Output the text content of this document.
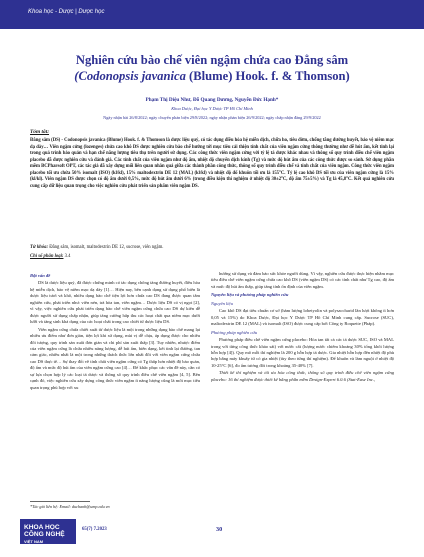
Khoa học - Dược | Dược học
Nghiên cứu bào chế viên ngậm chứa cao Đẳng sâm
(Codonopsis javanica (Blume) Hook. f. & Thomson)
Phạm Thị Diệu Như, Đỗ Quang Dương, Nguyễn Đức Hạnh*
Khoa Dược, Đại học Y Dược TP Hồ Chí Minh
Ngày nhận bài 26/8/2022; ngày chuyển phản biện 29/8/2022; ngày nhận phản biện 26/9/2022; ngày chấp nhận đăng 29/9/2022
Tóm tắt:
Đẳng sâm (DS) - Codonopsis javanica (Blume) Hook. f. & Thomson là dược liệu quý, có tác dụng điều hòa hệ miễn dịch, chữa ho, tiêu đờm, chống tăng đường huyết, bảo vệ niêm mạc dạ dày… Viên ngậm cứng (lozenges) chứa cao khô DS được nghiên cứu bào chế hướng tới mục tiêu cải thiện tính chất của viên ngậm cứng thông thường như dễ hút ẩm, kết tinh lại trong quá trình bảo quản và hạn chế năng lượng tiêu thụ trên người sử dụng. Các công thức viên ngậm cứng với tỷ lệ tá dược khác nhau và thông số quy trình điều chế viên ngậm placebo đã được nghiên cứu và đánh giá. Các tính chất của viên ngậm như độ ẩm, nhiệt độ chuyển dịch kính (Tg) và mức độ hút ẩm của các công thức được so sánh. Sử dụng phần mềm BCPharsoft OPT, các tác giả đã xây dựng mối liên quan nhân quả giữa các thành phần công thức, thông số quy trình điều chế và tính chất của viên ngậm. Công thức viên ngậm placebo tối ưu chứa 50% isomalt (ISO) (kl/kl), 15% maltodextrin DE 12 (MAL) (kl/kl) và nhiệt độ đổ khuôn tối ưu là 155°C. Tỷ lệ cao khô DS tối ưu của viên ngậm cứng là 15% (kl/kl). Viên ngậm DS được chọn có độ ẩm dưới 0,5%, mức độ hút ẩm dưới 6% (trong điều kiện thí nghiệm ở nhiệt độ 30±2°C, độ ẩm 75±5%) và Tg là 45,8°C. Kết quả nghiên cứu cung cấp dữ liệu quan trọng cho việc nghiên cứu phát triển sản phẩm viên ngậm DS.
Từ khóa: Đẳng sâm, isomalt, maltodextrin DE 12, sucrose, viên ngậm.
Chỉ số phân loại: 3.4

Đặt vấn đề

DS là dược liệu quý, đã được chứng minh có tác dụng chống tăng đường huyết, điều hòa hệ miễn dịch, bảo vệ niêm mạc dạ dày [1]… Hiện nay, bên cạnh dạng sử dụng phổ biến là dược liệu tươi và khô, nhiều dạng bào chế tiện lợi hơn chứa cao DS đang được quan tâm nghiên cứu, phát triển như: viên nén, trà hòa tan, viên ngậm… Dược liệu DS có vị ngọt [2], vì vậy, việc nghiên cứu phát triển dạng bào chế viên ngậm cứng chứa cao DS dự kiến dễ được người sử dụng chấp nhận, giúp tăng cường hấp thu các hoạt chất qua niêm mạc dưới lưỡi và tăng sinh khả dụng của các hoạt chất trong cao chiết từ dược liệu DS.

Viên ngậm cứng chứa chiết xuất từ dược liệu là một trong những dạng bào chế mang lại nhiều ưu điểm như đơn giản, tiện lợi khi sử dụng, mùi vị dễ chịu, áp dụng được cho nhiều đối tượng, quy trình sản xuất đơn giản và chi phí sản xuất thấp [3]. Tuy nhiên, nhược điểm của viên ngậm cứng là chứa nhiều năng lượng, dễ hút ẩm, biến dạng, kết tinh lại đường, tan cảm giác, nhiều nhất là một trong những thách thức lớn nhất đối với viên ngậm cứng chứa cao DS thực tế… Sự thay đổi về tính chất viên ngậm cứng có Tg thấp hơn nhiệt độ bảo quản, độ ẩm và mức độ hút ẩm của viên ngậm cứng cao [4]… Để khắc phục các vấn đề này, cần có sự lựa chọn hợp lý các loại tá dược và thông số quy trình điều chế viên ngậm [4, 5]. Bên cạnh đó, việc nghiên cứu xây dựng công thức viên ngậm ít năng lượng cũng là mốt mục tiêu quan trọng phù hợp với xu

hướng sử dụng và đảm bảo sức khỏe người dùng. Vì vậy, nghiên cứu được thực hiện nhằm mục tiêu điều chế viên ngậm cứng chứa cao khô DS (viên ngậm DS) có các tính chất như Tg cao, độ ẩm và mức độ hút ẩm thấp, giúp tăng tính ổn định của viên ngậm.

Nguyên liệu và phương pháp nghiên cứu

Nguyên liệu

Cao khô DS đạt tiêu chuẩn cơ sở (hàm lượng lobetyolin và polysaccharid lần lượt không ít hơn 0,05 và 15%) do Khoa Dược, Đại học Y Dược TP Hồ Chí Minh cung cấp. Sucrose (SUC), maltodextrin DE 12 (MAL) và isomalt (ISO) được cung cấp bởi Công ty Roquette (Pháp).

Phương pháp nghiên cứu

Phương pháp điều chế viên ngậm cứng placebo: Hòa tan tất cả các tá dược SUC, ISO và MAL trong với từng công thức khảo sát) với nước cất (lượng nước chiếm khoảng 30% tổng khối lượng hỗn hợp [4]). Quy mô mỗi thí nghiệm là 200 g hỗn hợp tá dược. Gia nhiệt hỗn hợp đến nhiệt độ phù hợp bằng máy khuấy từ có gia nhiệt (tùy theo từng thí nghiệm). Để khuôn và làm nguội ở nhiệt độ 10-25°C [6], đo ẩm tương đối trong khoảng 35-40% [7].

Thiết kế thí nghiệm và tối ưu hóa công thức, thông số quy trình điều chế viên ngậm cứng placebo: 16 thí nghiệm được thiết kế bằng phần mềm Design-Expert 6.0.6 (Stat-Ease Inc.,

*Tác giả liên hệ: Email: duchanh@ump.edu.vn
KHOA HỌC
CÔNG NGHỆ
VIỆT NAM
65(7) 7.2023	30
